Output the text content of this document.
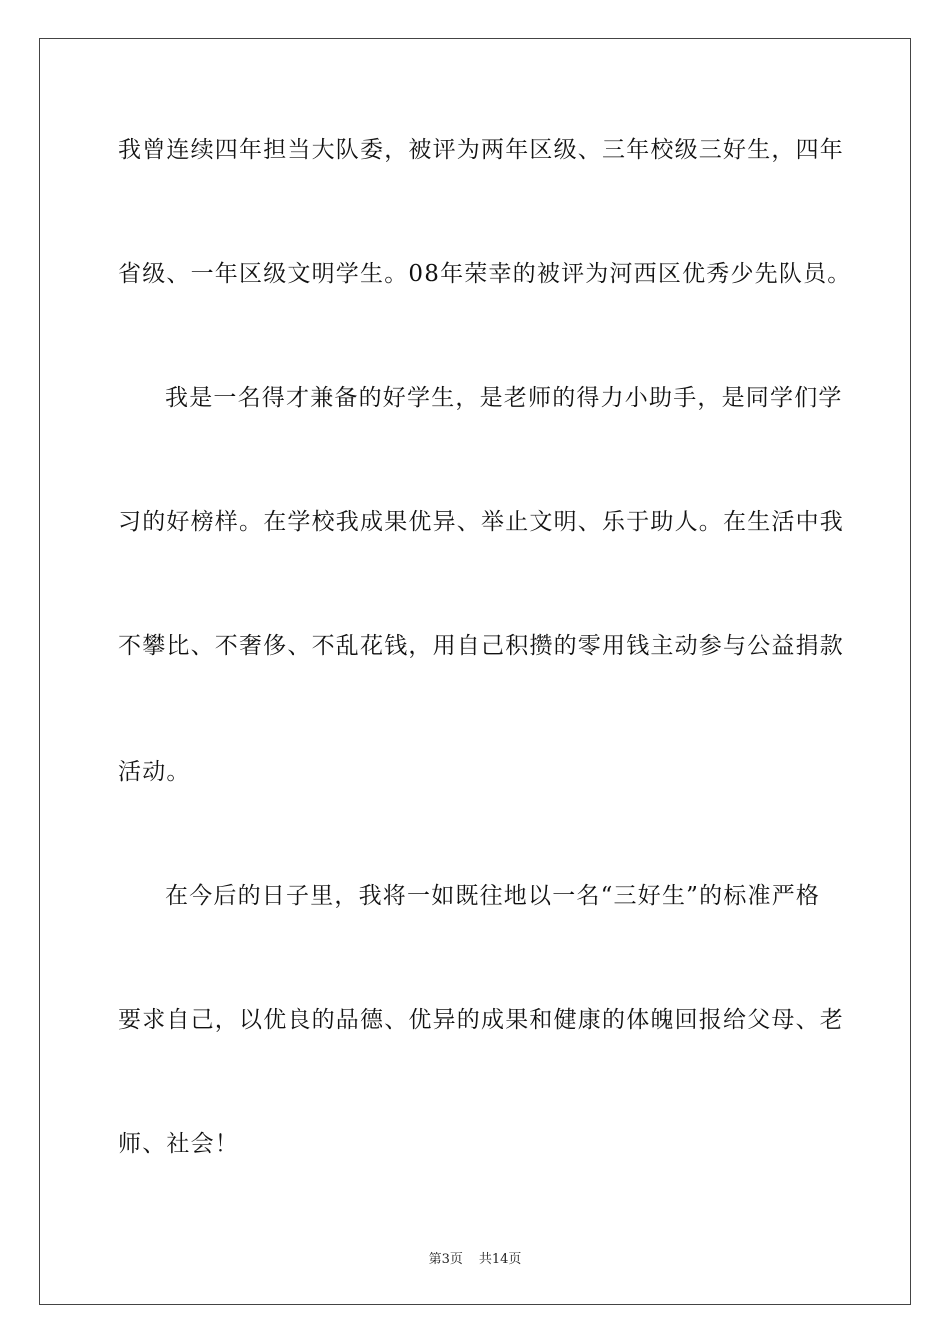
我曾连续四年担当大队委，被评为两年区级、三年校级三好生，四年
省级、一年区级文明学生。08年荣幸的被评为河西区优秀少先队员。
我是一名得才兼备的好学生，是老师的得力小助手，是同学们学
习的好榜样。在学校我成果优异、举止文明、乐于助人。在生活中我
不攀比、不奢侈、不乱花钱，用自己积攒的零用钱主动参与公益捐款
活动。
在今后的日子里，我将一如既往地以一名“三好生”的标准严格
要求自己，以优良的品德、优异的成果和健康的体魄回报给父母、老
师、社会！
第3页 共14页
